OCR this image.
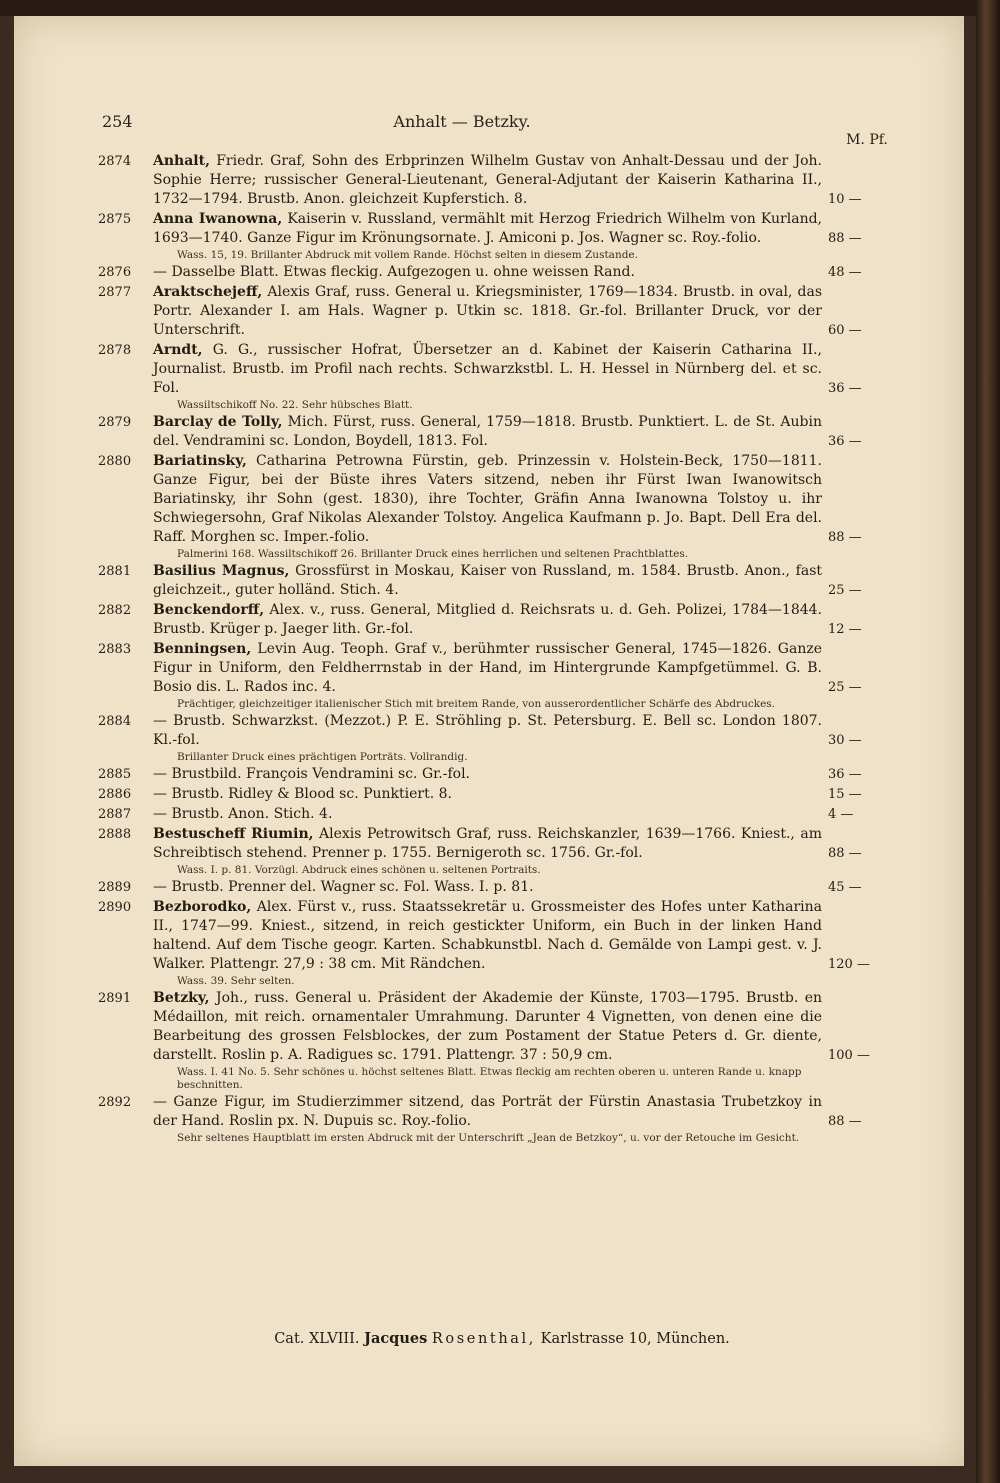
254	Anhalt — Betzky.
M. Pf.
2874	Anhalt, Friedr. Graf, Sohn des Erbprinzen Wilhelm Gustav von Anhalt-Dessau und der Joh. Sophie Herre; russischer General-Lieutenant, General-Adjutant der Kaiserin Katharina II., 1732—1794. Brustb. Anon. gleichzeit Kupferstich. 8.	10 —
2875	Anna Iwanowna, Kaiserin v. Russland, vermählt mit Herzog Friedrich Wilhelm von Kurland, 1693—1740. Ganze Figur im Krönungsornate. J. Amiconi p. Jos. Wagner sc. Roy.-folio.	88 —
Wass. 15, 19. Brillanter Abdruck mit vollem Rande. Höchst selten in diesem Zustande.
2876	— Dasselbe Blatt. Etwas fleckig. Aufgezogen u. ohne weissen Rand.	48 —
2877	Araktschejeff, Alexis Graf, russ. General u. Kriegsminister, 1769—1834. Brustb. in oval, das Portr. Alexander I. am Hals. Wagner p. Utkin sc. 1818. Gr.-fol. Brillanter Druck, vor der Unterschrift.	60 —
2878	Arndt, G. G., russischer Hofrat, Übersetzer an d. Kabinet der Kaiserin Catharina II., Journalist. Brustb. im Profil nach rechts. Schwarzkstbl. L. H. Hessel in Nürnberg del. et sc. Fol.	36 —
Wassiltschikoff No. 22. Sehr hübsches Blatt.
2879	Barclay de Tolly, Mich. Fürst, russ. General, 1759—1818. Brustb. Punktiert. L. de St. Aubin del. Vendramini sc. London, Boydell, 1813. Fol.	36 —
2880	Bariatinsky, Catharina Petrowna Fürstin, geb. Prinzessin v. Holstein-Beck, 1750—1811. Ganze Figur, bei der Büste ihres Vaters sitzend, neben ihr Fürst Iwan Iwanowitsch Bariatinsky, ihr Sohn (gest. 1830), ihre Tochter, Gräfin Anna Iwanowna Tolstoy u. ihr Schwiegersohn, Graf Nikolas Alexander Tolstoy. Angelica Kaufmann p. Jo. Bapt. Dell Era del. Raff. Morghen sc. Imper.-folio.	88 —
Palmerini 168. Wassiltschikoff 26. Brillanter Druck eines herrlichen und seltenen Prachtblattes.
2881	Basilius Magnus, Grossfürst in Moskau, Kaiser von Russland, m. 1584. Brustb. Anon., fast gleichzeit., guter holländ. Stich. 4.	25 —
2882	Benckendorff, Alex. v., russ. General, Mitglied d. Reichsrats u. d. Geh. Polizei, 1784—1844. Brustb. Krüger p. Jaeger lith. Gr.-fol.	12 —
2883	Benningsen, Levin Aug. Teoph. Graf v., berühmter russischer General, 1745—1826. Ganze Figur in Uniform, den Feldherrnstab in der Hand, im Hintergrunde Kampfgetümmel. G. B. Bosio dis. L. Rados inc. 4.	25 —
Prächtiger, gleichzeitiger italienischer Stich mit breitem Rande, von ausserordentlicher Schärfe des Abdruckes.
2884	— Brustb. Schwarzkst. (Mezzot.) P. E. Ströhling p. St. Petersburg. E. Bell sc. London 1807. Kl.-fol.	30 —
Brillanter Druck eines prächtigen Porträts. Vollrandig.
2885	— Brustbild. François Vendramini sc. Gr.-fol.	36 —
2886	— Brustb. Ridley & Blood sc. Punktiert. 8.	15 —
2887	— Brustb. Anon. Stich. 4.	4 —
2888	Bestuscheff Riumin, Alexis Petrowitsch Graf, russ. Reichskanzler, 1639—1766. Kniest., am Schreibtisch stehend. Prenner p. 1755. Bernigeroth sc. 1756. Gr.-fol.	88 —
Wass. I. p. 81. Vorzügl. Abdruck eines schönen u. seltenen Portraits.
2889	— Brustb. Prenner del. Wagner sc. Fol. Wass. I. p. 81.	45 —
2890	Bezborodko, Alex. Fürst v., russ. Staatssekretär u. Grossmeister des Hofes unter Katharina II., 1747—99. Kniest., sitzend, in reich gestickter Uniform, ein Buch in der linken Hand haltend. Auf dem Tische geogr. Karten. Schabkunstbl. Nach d. Gemälde von Lampi gest. v. J. Walker. Plattengr. 27,9 : 38 cm. Mit Rändchen.	120 —
Wass. 39. Sehr selten.
2891	Betzky, Joh., russ. General u. Präsident der Akademie der Künste, 1703—1795. Brustb. en Médaillon, mit reich. ornamentaler Umrahmung. Darunter 4 Vignetten, von denen eine die Bearbeitung des grossen Felsblockes, der zum Postament der Statue Peters d. Gr. diente, darstellt. Roslin p. A. Radigues sc. 1791. Plattengr. 37 : 50,9 cm.	100 —
Wass. I. 41 No. 5. Sehr schönes u. höchst seltenes Blatt. Etwas fleckig am rechten oberen u. unteren Rande u. knapp beschnitten.
2892	— Ganze Figur, im Studierzimmer sitzend, das Porträt der Fürstin Anastasia Trubetzkoy in der Hand. Roslin px. N. Dupuis sc. Roy.-folio.	88 —
Sehr seltenes Hauptblatt im ersten Abdruck mit der Unterschrift „Jean de Betzkoy“, u. vor der Retouche im Gesicht.
Cat. XLVIII. Jacques Rosenthal, Karlstrasse 10, München.
